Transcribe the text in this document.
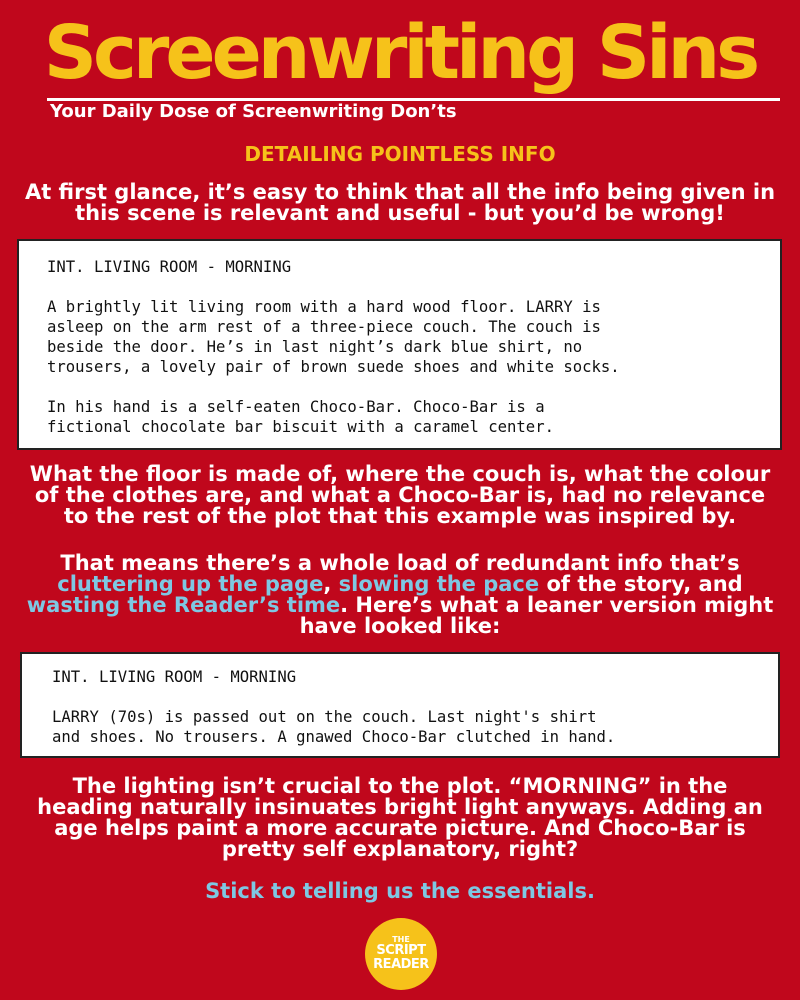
Screenwriting Sins
Your Daily Dose of Screenwriting Don’ts
DETAILING POINTLESS INFO

At first glance, it’s easy to think that all the info being given in this scene is relevant and useful - but you’d be wrong!

INT. LIVING ROOM - MORNING

A brightly lit living room with a hard wood floor. LARRY is

asleep on the arm rest of a three-piece couch. The couch is

beside the door. He’s in last night’s dark blue shirt, no

trousers, a lovely pair of brown suede shoes and white socks.

In his hand is a self-eaten Choco-Bar. Choco-Bar is a

fictional chocolate bar biscuit with a caramel center.

What the floor is made of, where the couch is, what the colour of the clothes are, and what a Choco-Bar is, had no relevance to the rest of the plot that this example was inspired by.

That means there’s a whole load of redundant info that’s cluttering up the page, slowing the pace of the story, and wasting the Reader’s time. Here’s what a leaner version might have looked like:

INT. LIVING ROOM - MORNING

LARRY (70s) is passed out on the couch. Last night's shirt

and shoes. No trousers. A gnawed Choco-Bar clutched in hand.

The lighting isn’t crucial to the plot. “MORNING” in the heading naturally insinuates bright light anyways. Adding an age helps paint a more accurate picture. And Choco-Bar is pretty self explanatory, right?

Stick to telling us the essentials.
THE
SCRIPT
READER
